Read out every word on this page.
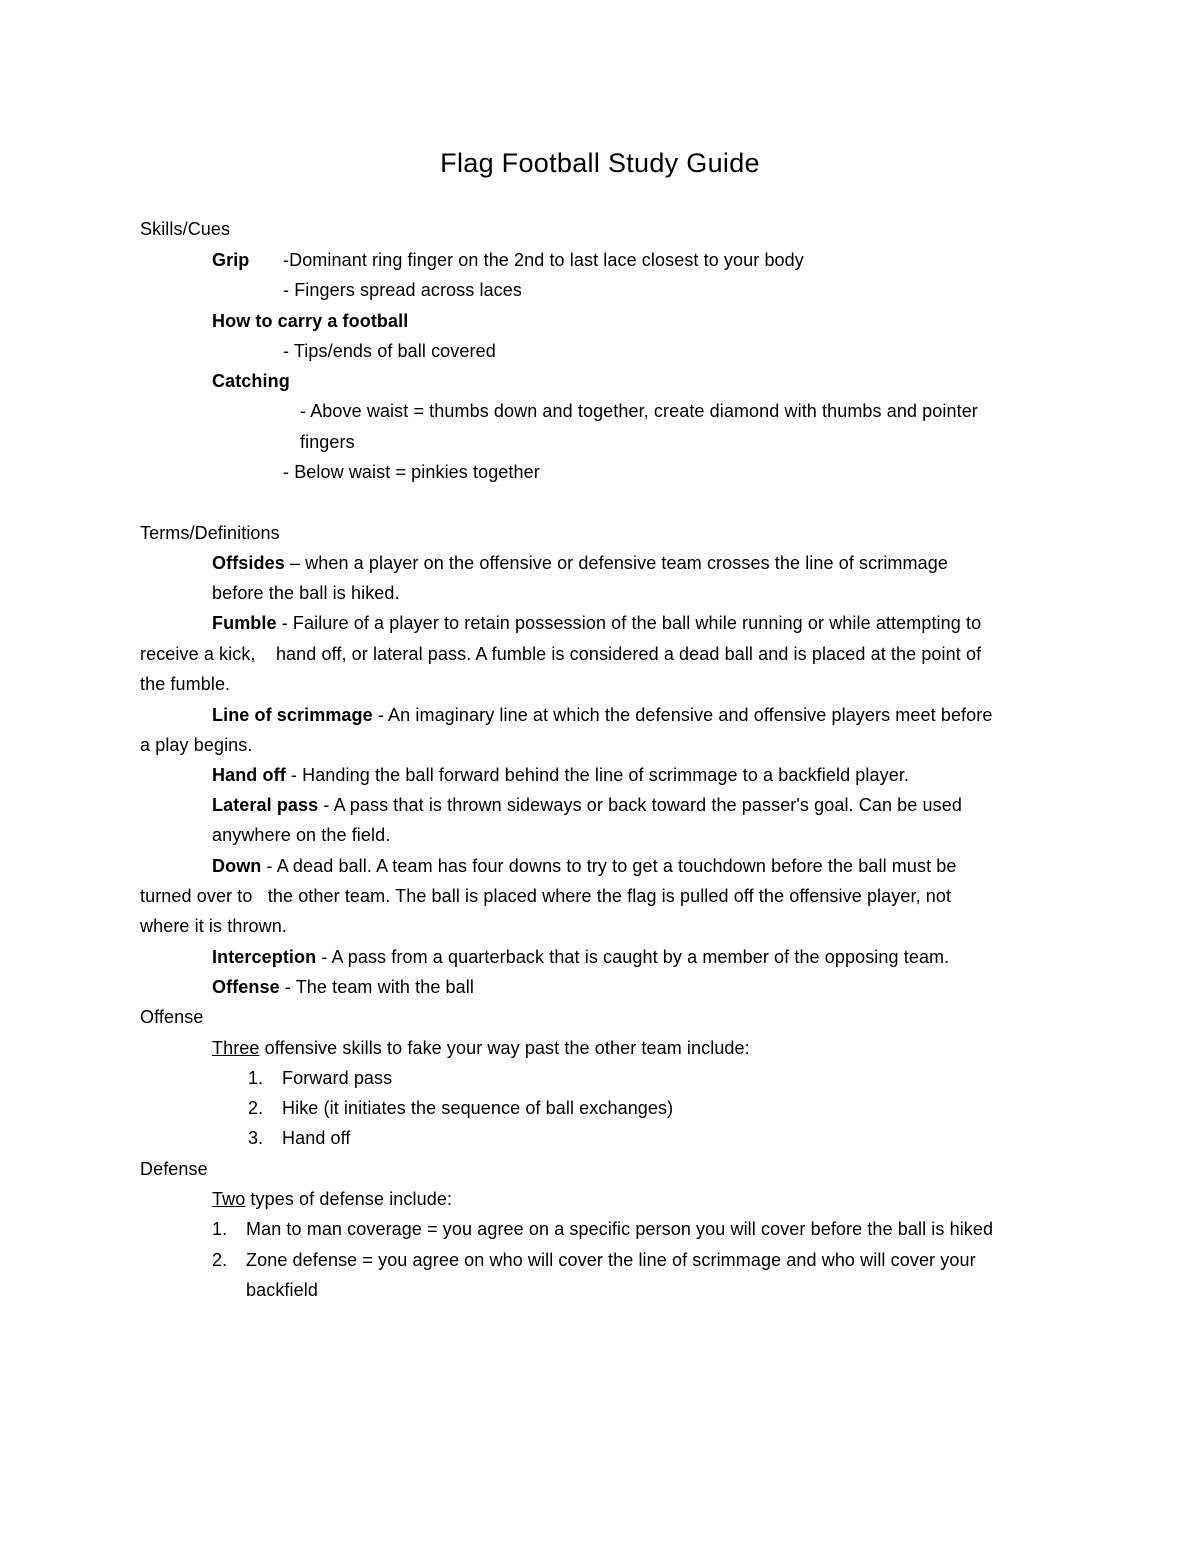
Flag Football Study Guide
Skills/Cues
Grip -Dominant ring finger on the 2nd to last lace closest to your body
- Fingers spread across laces
How to carry a football
- Tips/ends of ball covered
Catching
- Above waist = thumbs down and together, create diamond with thumbs and pointer
fingers
- Below waist = pinkies together
Terms/Definitions
Offsides – when a player on the offensive or defensive team crosses the line of scrimmage
before the ball is hiked.
Fumble - Failure of a player to retain possession of the ball while running or while attempting to
receive a kick,    hand off, or lateral pass. A fumble is considered a dead ball and is placed at the point of
the fumble.
Line of scrimmage - An imaginary line at which the defensive and offensive players meet before
a play begins.
Hand off - Handing the ball forward behind the line of scrimmage to a backfield player.
Lateral pass - A pass that is thrown sideways or back toward the passer's goal. Can be used
anywhere on the field.
Down - A dead ball. A team has four downs to try to get a touchdown before the ball must be
turned over to   the other team. The ball is placed where the flag is pulled off the offensive player, not
where it is thrown.
Interception - A pass from a quarterback that is caught by a member of the opposing team.
Offense - The team with the ball
Offense
Three offensive skills to fake your way past the other team include:
1. Forward pass
2. Hike (it initiates the sequence of ball exchanges)
3. Hand off
Defense
Two types of defense include:
1. Man to man coverage = you agree on a specific person you will cover before the ball is hiked
2. Zone defense = you agree on who will cover the line of scrimmage and who will cover your
backfield
